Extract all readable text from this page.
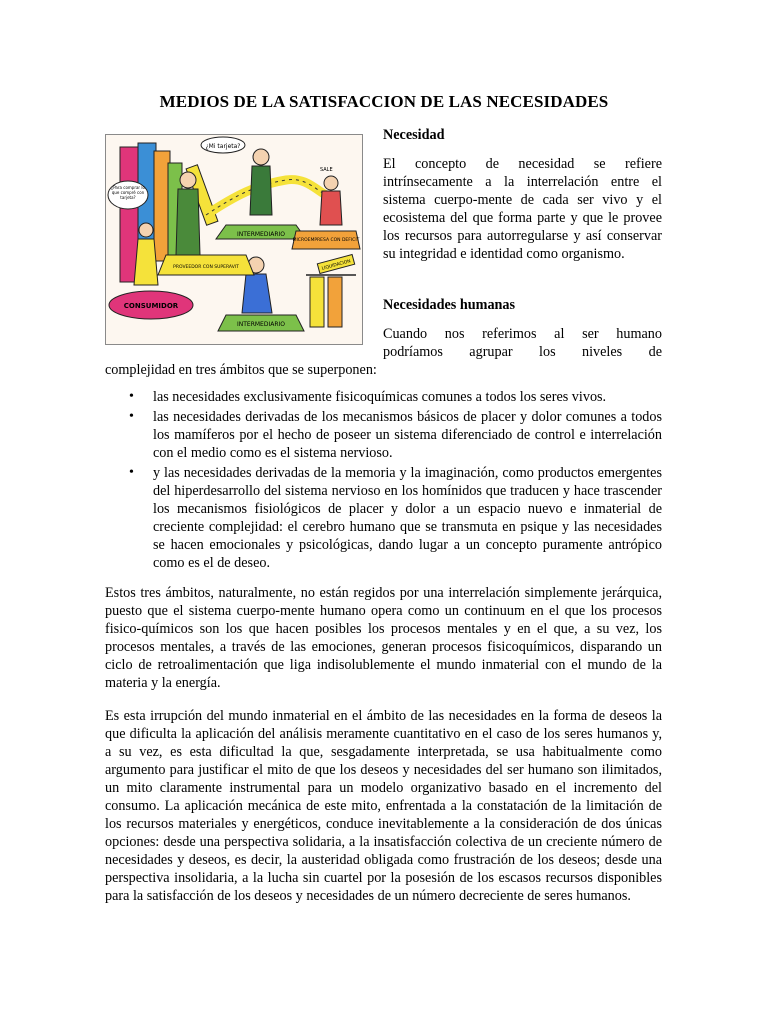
MEDIOS DE LA SATISFACCION DE LAS NECESIDADES
¿Mi tarjeta?
¿Para comprar lo que compré con tarjeta?
INTERMEDIARIO
MICROEMPRESA CON DEFICIT
PROVEEDOR CON SUPERAVIT
CONSUMIDOR
INTERMEDIARIO
LIQUIDACION
SALE
Necesidad

El concepto de necesidad se refiere intrínsecamente a la interrelación entre el sistema cuerpo-mente de cada ser vivo y el ecosistema del que forma parte y que le provee los recursos para autorregularse y así conservar su integridad e identidad como organismo.

Necesidades humanas

Cuando nos referimos al ser humano

podríamos agrupar los niveles de

complejidad en tres ámbitos que se superponen:

• las necesidades exclusivamente fisicoquímicas comunes a todos los seres vivos.
• las necesidades derivadas de los mecanismos básicos de placer y dolor comunes a todos los mamíferos por el hecho de poseer un sistema diferenciado de control e interrelación con el medio como es el sistema nervioso.
• y las necesidades derivadas de la memoria y la imaginación, como productos emergentes del hiperdesarrollo del sistema nervioso en los homínidos que traducen y hace trascender los mecanismos fisiológicos de placer y dolor a un espacio nuevo e inmaterial de creciente complejidad: el cerebro humano que se transmuta en psique y las necesidades se hacen emocionales y psicológicas, dando lugar a un concepto puramente antrópico como es el de deseo.

Estos tres ámbitos, naturalmente, no están regidos por una interrelación simplemente jerárquica, puesto que el sistema cuerpo-mente humano opera como un continuum en el que los procesos fisico-químicos son los que hacen posibles los procesos mentales y en el que, a su vez, los procesos mentales, a través de las emociones, generan procesos fisicoquímicos, disparando un ciclo de retroalimentación que liga indisolublemente el mundo inmaterial con el mundo de la materia y la energía.

Es esta irrupción del mundo inmaterial en el ámbito de las necesidades en la forma de deseos la que dificulta la aplicación del análisis meramente cuantitativo en el caso de los seres humanos y, a su vez, es esta dificultad la que, sesgadamente interpretada, se usa habitualmente como argumento para justificar el mito de que los deseos y necesidades del ser humano son ilimitados, un mito claramente instrumental para un modelo organizativo basado en el incremento del consumo. La aplicación mecánica de este mito, enfrentada a la constatación de la limitación de los recursos materiales y energéticos, conduce inevitablemente a la consideración de dos únicas opciones: desde una perspectiva solidaria, a la insatisfacción colectiva de un creciente número de necesidades y deseos, es decir, la austeridad obligada como frustración de los deseos; desde una perspectiva insolidaria, a la lucha sin cuartel por la posesión de los escasos recursos disponibles para la satisfacción de los deseos y necesidades de un número decreciente de seres humanos.
